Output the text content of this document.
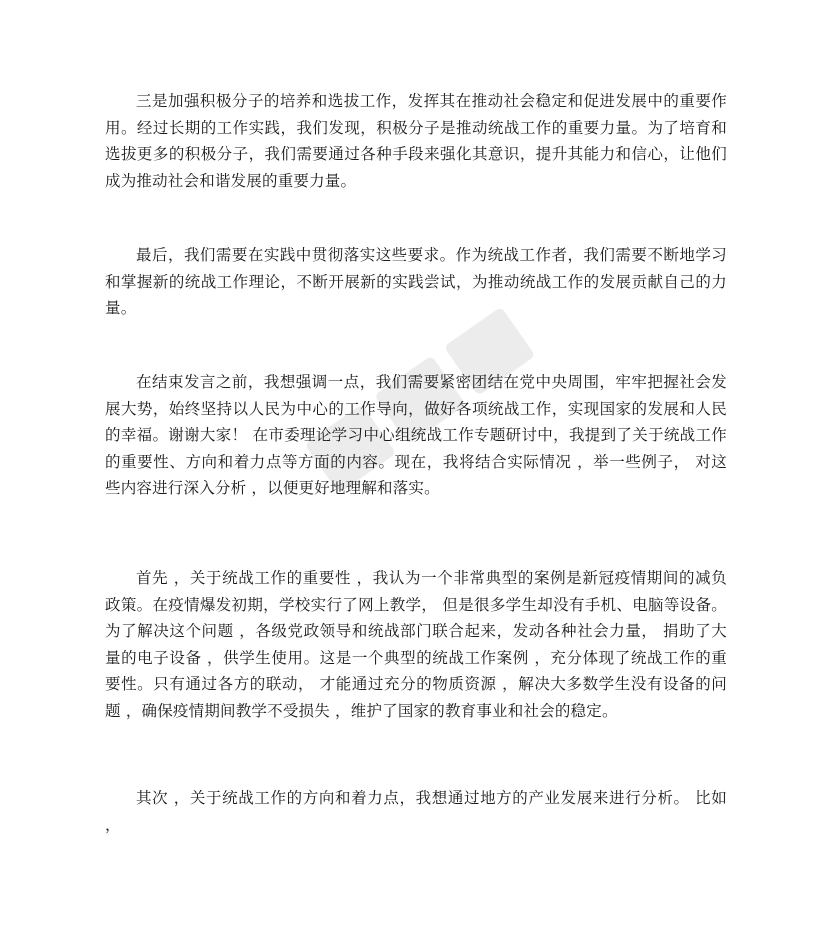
三是加强积极分子的培养和选拔工作，发挥其在推动社会稳定和促进发展中的重要作用。经过长期的工作实践，我们发现，积极分子是推动统战工作的重要力量。为了培育和选拔更多的积极分子，我们需要通过各种手段来强化其意识，提升其能力和信心，让他们成为推动社会和谐发展的重要力量。

最后，我们需要在实践中贯彻落实这些要求。作为统战工作者，我们需要不断地学习和掌握新的统战工作理论，不断开展新的实践尝试，为推动统战工作的发展贡献自己的力量。

在结束发言之前，我想强调一点，我们需要紧密团结在党中央周围，牢牢把握社会发展大势，始终坚持以人民为中心的工作导向，做好各项统战工作，实现国家的发展和人民的幸福。谢谢大家！ 在市委理论学习中心组统战工作专题研讨中，我提到了关于统战工作的重要性、方向和着力点等方面的内容。现在，我将结合实际情况 ，举一些例子， 对这些内容进行深入分析 ，以便更好地理解和落实。

首先 ，关于统战工作的重要性 ，我认为一个非常典型的案例是新冠疫情期间的减负政策。在疫情爆发初期，学校实行了网上教学， 但是很多学生却没有手机、电脑等设备。为了解决这个问题 ，各级党政领导和统战部门联合起来，发动各种社会力量， 捐助了大量的电子设备 ，供学生使用。这是一个典型的统战工作案例 ，充分体现了统战工作的重要性。只有通过各方的联动， 才能通过充分的物质资源 ，解决大多数学生没有设备的问题 ，确保疫情期间教学不受损失 ，维护了国家的教育事业和社会的稳定。

其次 ，关于统战工作的方向和着力点，我想通过地方的产业发展来进行分析。 比如 ，
